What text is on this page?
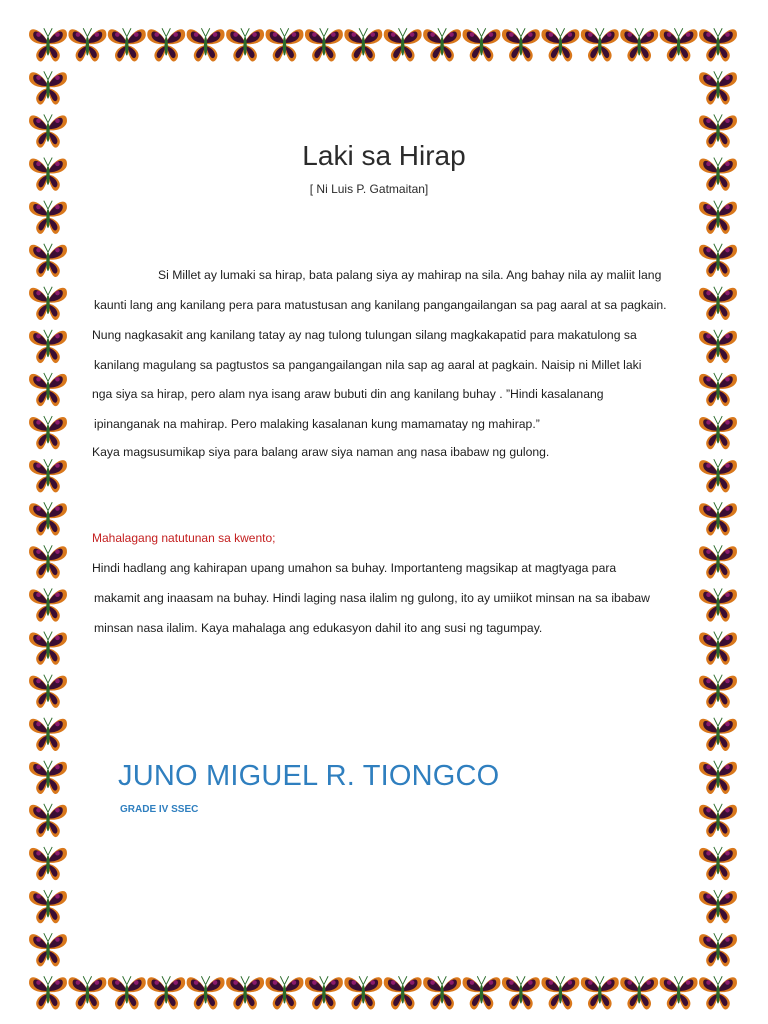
Laki sa Hirap
[ Ni Luis P. Gatmaitan]
Si Millet ay lumaki sa hirap, bata palang siya ay mahirap na sila. Ang bahay nila ay maliit lang
kaunti lang ang kanilang pera para matustusan ang kanilang pangangailangan sa pag aaral at sa pagkain.
Nung nagkasakit ang kanilang tatay ay nag tulong tulungan silang magkakapatid para makatulong sa
kanilang magulang sa pagtustos sa pangangailangan nila sap ag aaral at pagkain. Naisip ni Millet laki
nga siya sa hirap, pero alam nya isang araw bubuti din ang kanilang buhay . ”Hindi kasalanang
ipinanganak na mahirap. Pero malaking kasalanan kung mamamatay ng mahirap.”
Kaya magsusumikap siya para balang araw siya naman ang nasa ibabaw ng gulong.
Mahalagang natutunan sa kwento;
Hindi hadlang ang kahirapan upang umahon sa buhay. Importanteng magsikap at magtyaga para
makamit ang inaasam na buhay. Hindi laging nasa ilalim ng gulong, ito ay umiikot minsan na sa ibabaw
minsan nasa ilalim. Kaya mahalaga ang edukasyon dahil ito ang susi ng tagumpay.
JUNO MIGUEL R. TIONGCO
GRADE IV SSEC
